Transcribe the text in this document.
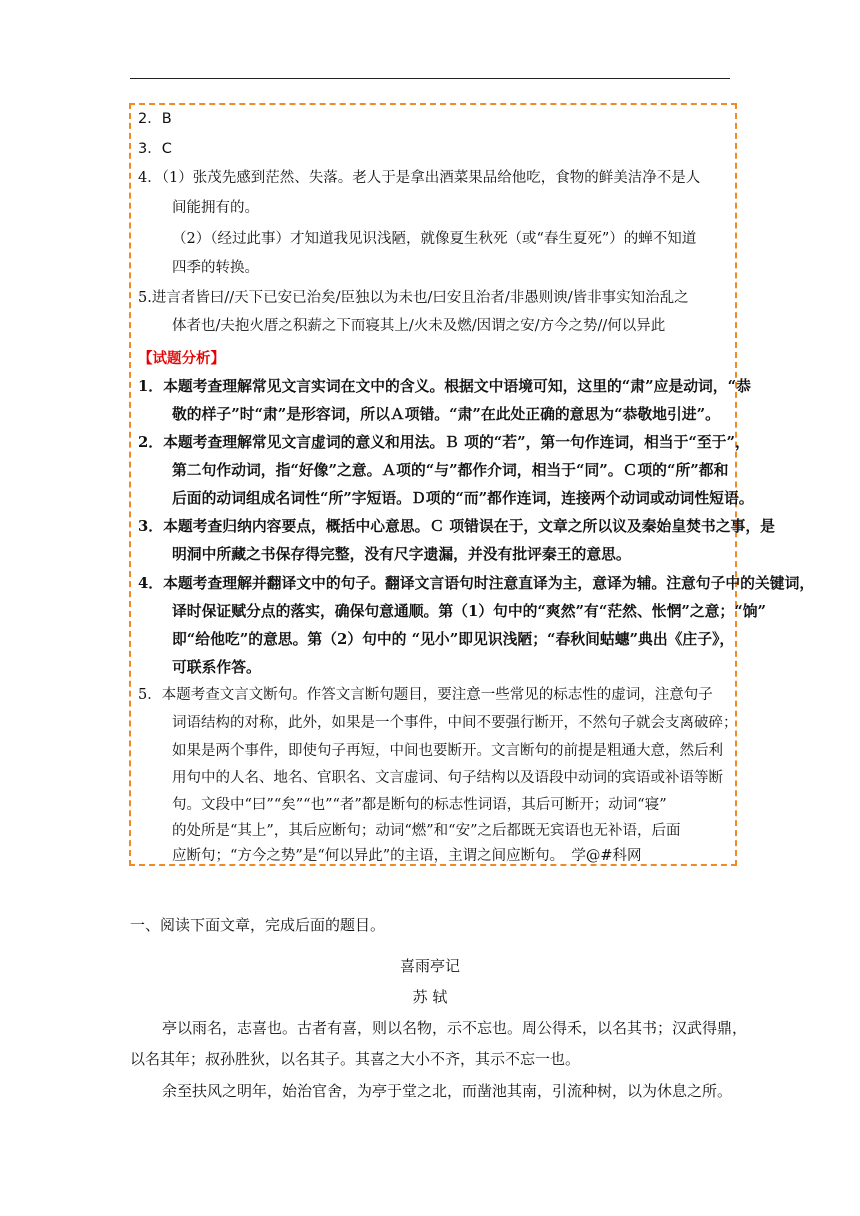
2．B
3．C
4．（1）张茂先感到茫然、失落。老人于是拿出酒菜果品给他吃，食物的鲜美洁净不是人
间能拥有的。
（2）（经过此事）才知道我见识浅陋，就像夏生秋死（或“春生夏死”）的蝉不知道
四季的转换。
5.进言者皆曰//天下已安已治矣/臣独以为未也/曰安且治者/非愚则谀/皆非事实知治乱之
体者也/夫抱火厝之积薪之下而寝其上/火未及燃/因谓之安/方今之势//何以异此
【试题分析】
1．本题考查理解常见文言实词在文中的含义。根据文中语境可知，这里的“肃”应是动词，“恭
敬的样子”时“肃”是形容词，所以Ａ项错。“肃”在此处正确的意思为“恭敬地引进”。
2．本题考查理解常见文言虚词的意义和用法。Ｂ 项的“若”，第一句作连词，相当于“至于”，
第二句作动词，指“好像”之意。Ａ项的“与”都作介词，相当于“同”。Ｃ项的“所”都和
后面的动词组成名词性“所”字短语。Ｄ项的“而”都作连词，连接两个动词或动词性短语。
3．本题考查归纳内容要点，概括中心意思。Ｃ 项错误在于，文章之所以议及秦始皇焚书之事，是
明洞中所藏之书保存得完整，没有尺字遗漏，并没有批评秦王的意思。
4．本题考查理解并翻译文中的句子。翻译文言语句时注意直译为主，意译为辅。注意句子中的关键词，
译时保证赋分点的落实，确保句意通顺。第（1）句中的“爽然”有“茫然、怅惘”之意；“饷”
即“给他吃”的意思。第（2）句中的 “见小”即见识浅陋；“春秋间蛄蟪”典出《庄子》，
可联系作答。
5．本题考查文言文断句。作答文言断句题目，要注意一些常见的标志性的虚词，注意句子
词语结构的对称，此外，如果是一个事件，中间不要强行断开，不然句子就会支离破碎；
如果是两个事件，即使句子再短，中间也要断开。文言断句的前提是粗通大意，然后利
用句中的人名、地名、官职名、文言虚词、句子结构以及语段中动词的宾语或补语等断
句。文段中“曰”“矣”“也”“者”都是断句的标志性词语，其后可断开；动词“寝”
的处所是“其上”，其后应断句；动词“燃”和“安”之后都既无宾语也无补语，后面
应断句；“方今之势”是“何以异此”的主语，主谓之间应断句。　学@#科网
一、阅读下面文章，完成后面的题目。
喜雨亭记
苏 轼
亭以雨名，志喜也。古者有喜，则以名物，示不忘也。周公得禾，以名其书；汉武得鼎，
以名其年；叔孙胜狄，以名其子。其喜之大小不齐，其示不忘一也。
余至扶风之明年，始治官舍，为亭于堂之北，而凿池其南，引流种树，以为休息之所。
